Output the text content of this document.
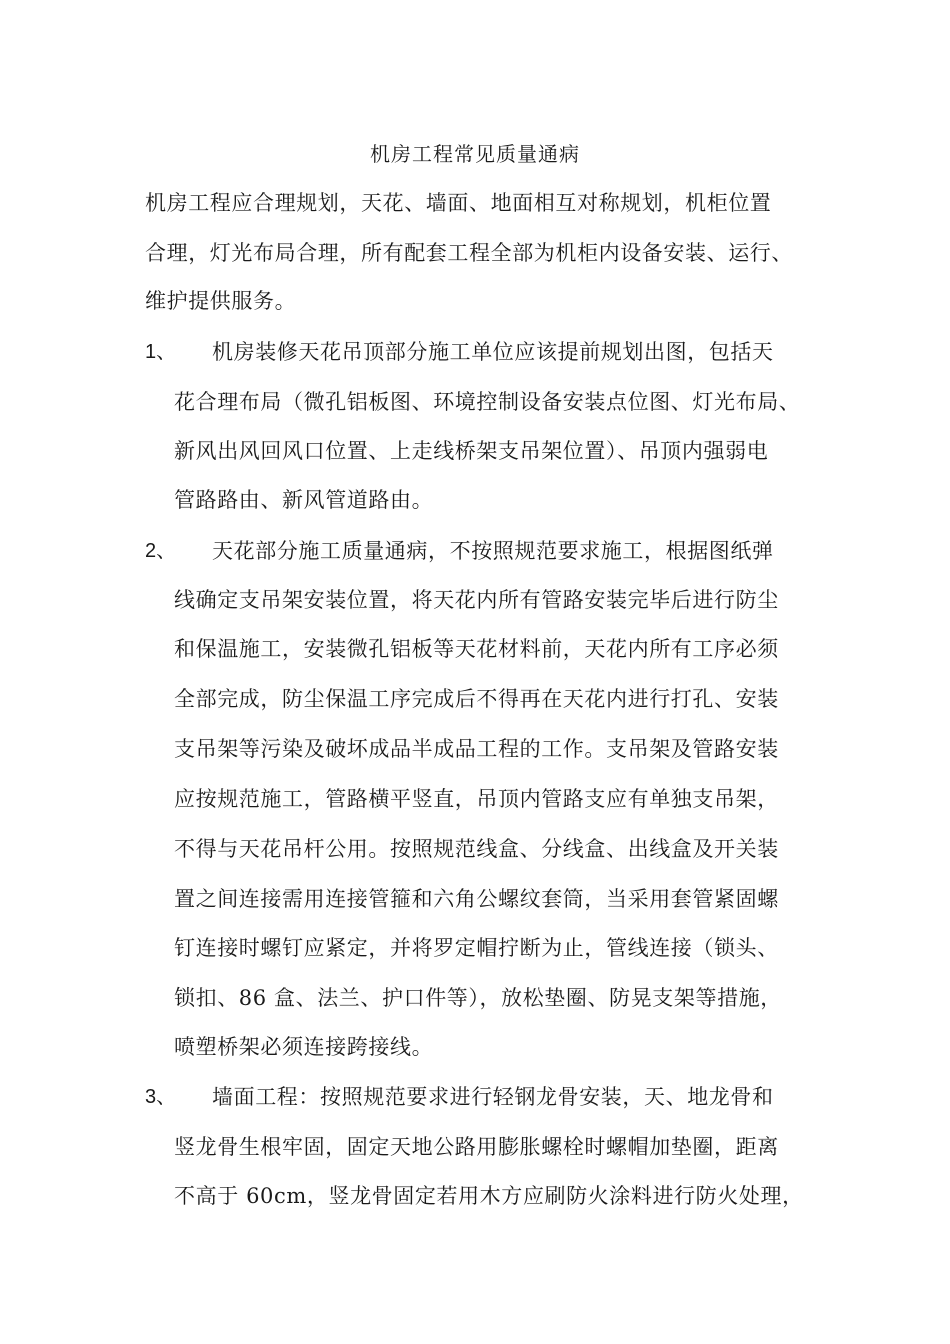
机房工程常见质量通病
机房工程应合理规划，天花、墙面、地面相互对称规划，机柜位置
合理，灯光布局合理，所有配套工程全部为机柜内设备安装、运行、
维护提供服务。
1、 机房装修天花吊顶部分施工单位应该提前规划出图，包括天
花合理布局（微孔铝板图、环境控制设备安装点位图、灯光布局、
新风出风回风口位置、上走线桥架支吊架位置）、吊顶内强弱电
管路路由、新风管道路由。
2、 天花部分施工质量通病，不按照规范要求施工，根据图纸弹
线确定支吊架安装位置，将天花内所有管路安装完毕后进行防尘
和保温施工，安装微孔铝板等天花材料前，天花内所有工序必须
全部完成，防尘保温工序完成后不得再在天花内进行打孔、安装
支吊架等污染及破坏成品半成品工程的工作。支吊架及管路安装
应按规范施工，管路横平竖直，吊顶内管路支应有单独支吊架，
不得与天花吊杆公用。按照规范线盒、分线盒、出线盒及开关装
置之间连接需用连接管箍和六角公螺纹套筒，当采用套管紧固螺
钉连接时螺钉应紧定，并将罗定帽拧断为止，管线连接（锁头、
锁扣、86 盒、法兰、护口件等），放松垫圈、防晃支架等措施，
喷塑桥架必须连接跨接线。
3、 墙面工程：按照规范要求进行轻钢龙骨安装，天、地龙骨和
竖龙骨生根牢固，固定天地公路用膨胀螺栓时螺帽加垫圈，距离
不高于 60cm，竖龙骨固定若用木方应刷防火涂料进行防火处理，
